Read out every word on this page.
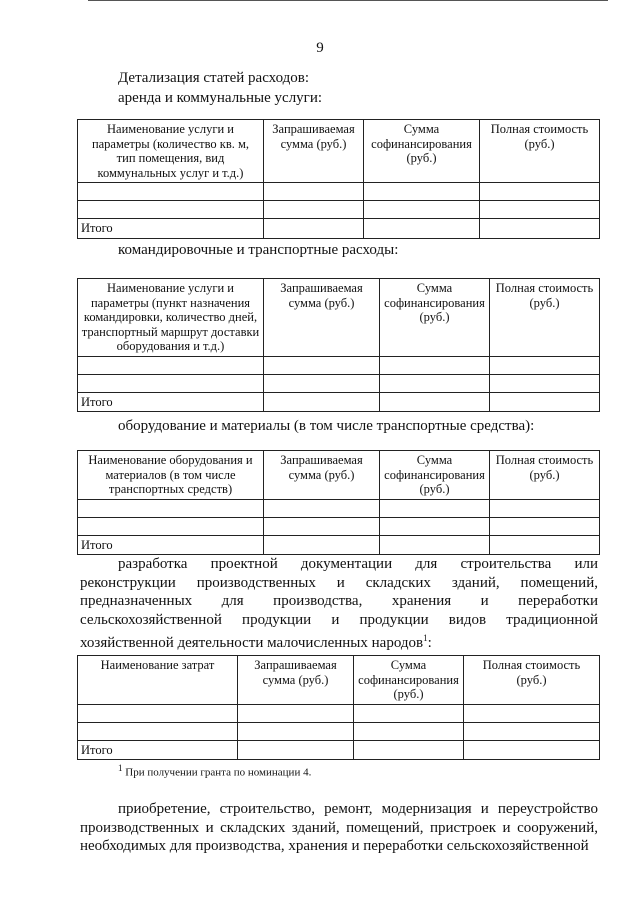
9
Детализация статей расходов:
аренда и коммунальные услуги:
Наименование услуги и параметры (количество кв. м, тип помещения, вид коммунальных услуг и т.д.)	Запрашиваемая сумма (руб.)	Сумма софинансирования (руб.)	Полная стоимость (руб.)

Итого			
командировочные и транспортные расходы:
Наименование услуги и параметры (пункт назначения командировки, количество дней, транспортный маршрут доставки оборудования и т.д.)	Запрашиваемая сумма (руб.)	Сумма софинансирования (руб.)	Полная стоимость (руб.)

Итого			
оборудование и материалы (в том числе транспортные средства):
Наименование оборудования и материалов (в том числе транспортных средств)	Запрашиваемая сумма (руб.)	Сумма софинансирования (руб.)	Полная стоимость (руб.)

Итого			
разработка проектной документации для строительства или реконструкции производственных и складских зданий, помещений, предназначенных для производства, хранения и переработки сельскохозяйственной продукции и продукции видов традиционной хозяйственной деятельности малочисленных народов$^1$:
Наименование затрат	Запрашиваемая сумма (руб.)	Сумма софинансирования (руб.)	Полная стоимость (руб.)

Итого			
$^1$ При получении гранта по номинации 4.
приобретение, строительство, ремонт, модернизация и переустройство производственных и складских зданий, помещений, пристроек и сооружений, необходимых для производства, хранения и переработки сельскохозяйственной
